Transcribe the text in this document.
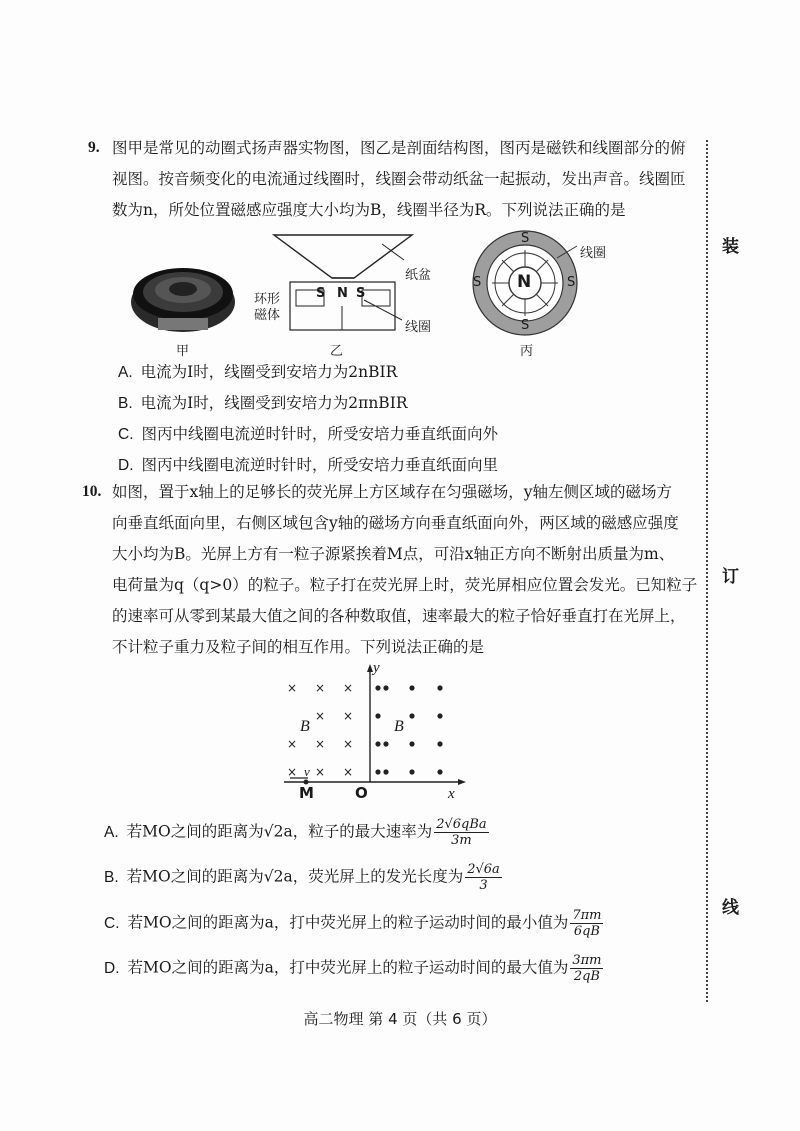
9. 图甲是常见的动圈式扬声器实物图，图乙是剖面结构图，图丙是磁铁和线圈部分的俯
视图。按音频变化的电流通过线圈时，线圈会带动纸盆一起振动，发出声音。线圈匝
数为n，所处位置磁感应强度大小均为B，线圈半径为R。下列说法正确的是
甲
S N S
纸盆
环形
磁体
线圈
乙
N
S
S
S	S
线圈
丙
A. 电流为I时，线圈受到安培力为2nBIR
B. 电流为I时，线圈受到安培力为2πnBIR
C. 图丙中线圈电流逆时针时，所受安培力垂直纸面向外
D. 图丙中线圈电流逆时针时，所受安培力垂直纸面向里
10. 如图，置于x轴上的足够长的荧光屏上方区域存在匀强磁场，y轴左侧区域的磁场方
向垂直纸面向里，右侧区域包含y轴的磁场方向垂直纸面向外，两区域的磁感应强度
大小均为B。光屏上方有一粒子源紧挨着M点，可沿x轴正方向不断射出质量为m、
电荷量为q（q>0）的粒子。粒子打在荧光屏上时，荧光屏相应位置会发光。已知粒子
的速率可从零到某最大值之间的各种数取值，速率最大的粒子恰好垂直打在光屏上，
不计粒子重力及粒子间的相互作用。下列说法正确的是
× × ×
× ×
× × ×
× × ×
y
x
B	B
v
M	O
A. 若MO之间的距离为√2a，粒子的最大速率为 $\frac{\text{2√6qBa}}{3m}$
B. 若MO之间的距离为√2a，荧光屏上的发光长度为 $\frac{2√6a}{3}$
C. 若MO之间的距离为a，打中荧光屏上的粒子运动时间的最小值为 $\frac{7\pi m}{6qB}$
D. 若MO之间的距离为a，打中荧光屏上的粒子运动时间的最大值为 $\frac{3\pi m}{2qB}$
装
订
线
高二物理 第 4 页（共 6 页）
